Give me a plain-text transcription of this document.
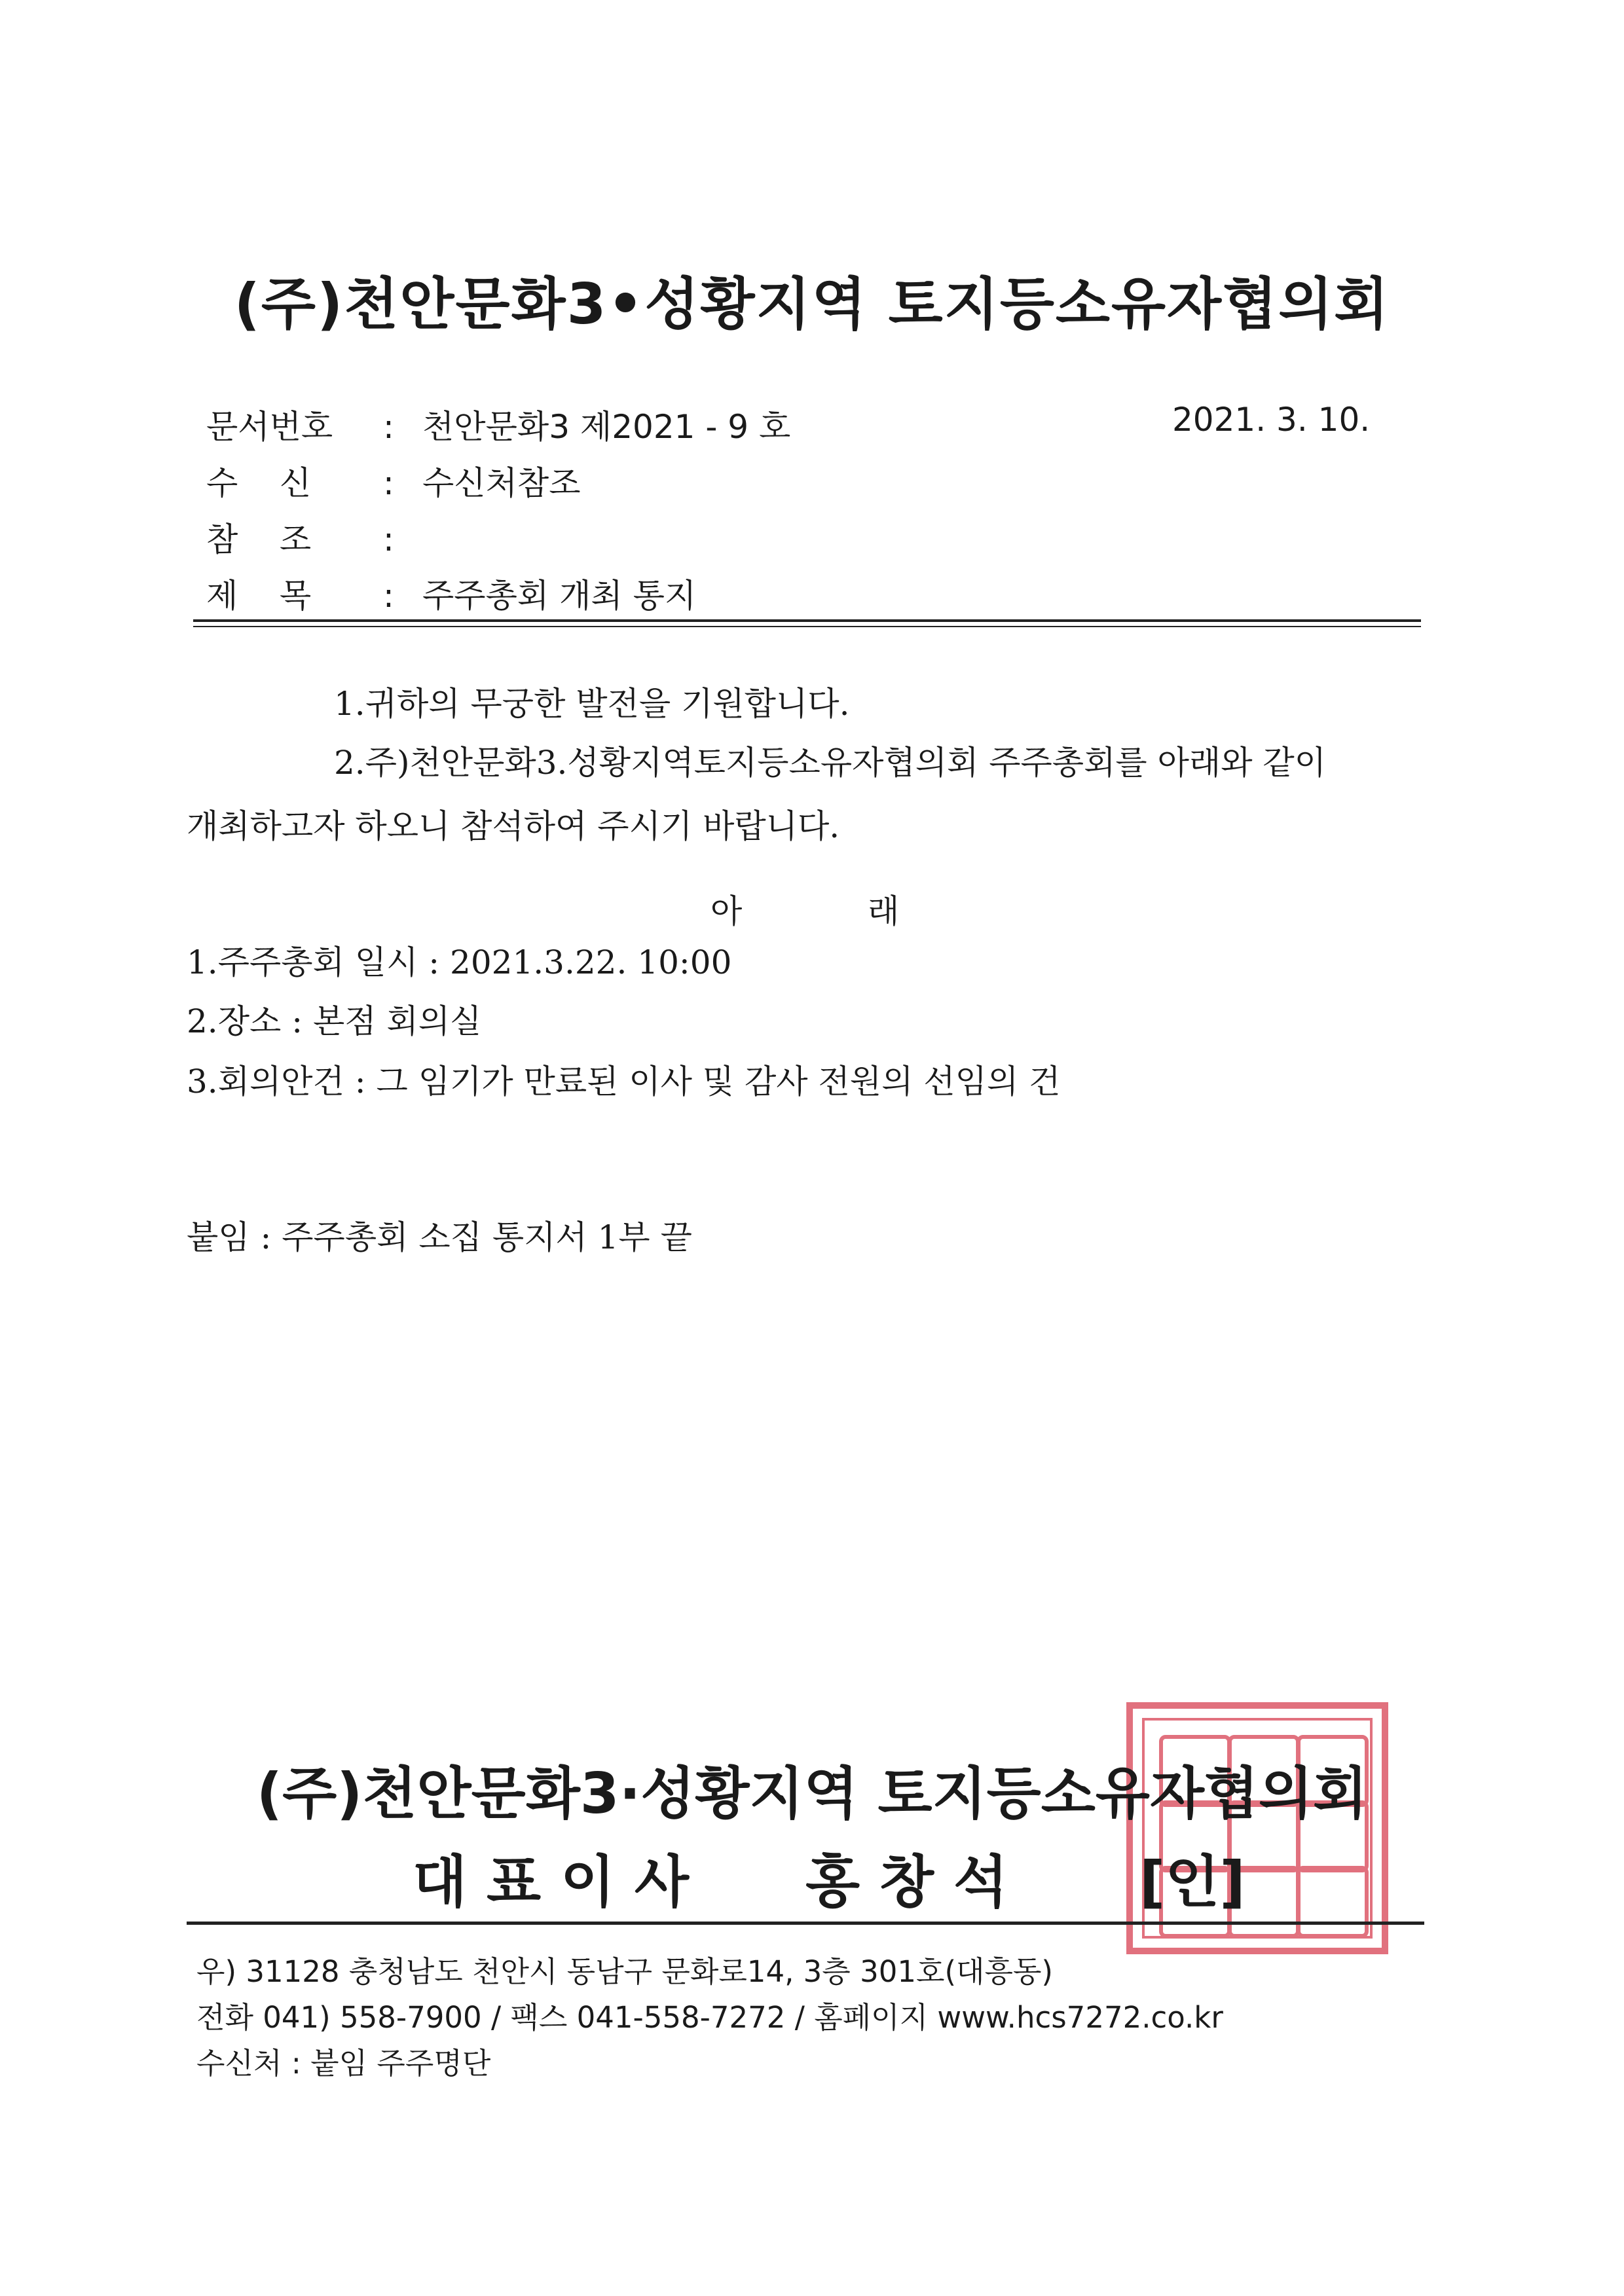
(주)천안문화3•성황지역 토지등소유자협의회
문서번호 : 천안문화3 제2021 - 9 호	2021. 3. 10.
수    신 : 수신처참조
참    조 :
제    목 : 주주총회 개최 통지
1.귀하의 무궁한 발전을 기원합니다.
2.주)천안문화3.성황지역토지등소유자협의회 주주총회를 아래와 같이
개최하고자 하오니 참석하여 주시기 바랍니다.
아	래
1.주주총회 일시 : 2021.3.22. 10:00
2.장소 : 본점 회의실
3.회의안건 : 그 임기가 만료된 이사 및 감사 전원의 선임의 건
붙임 : 주주총회 소집 통지서 1부 끝
(주)천안문화3·성황지역 토지등소유자협의회
대 표 이 사 홍 창 석 [인]
우) 31128 충청남도 천안시 동남구 문화로14, 3층 301호(대흥동)
전화 041) 558-7900 / 팩스 041-558-7272 / 홈페이지 www.hcs7272.co.kr
수신처 : 붙임 주주명단
